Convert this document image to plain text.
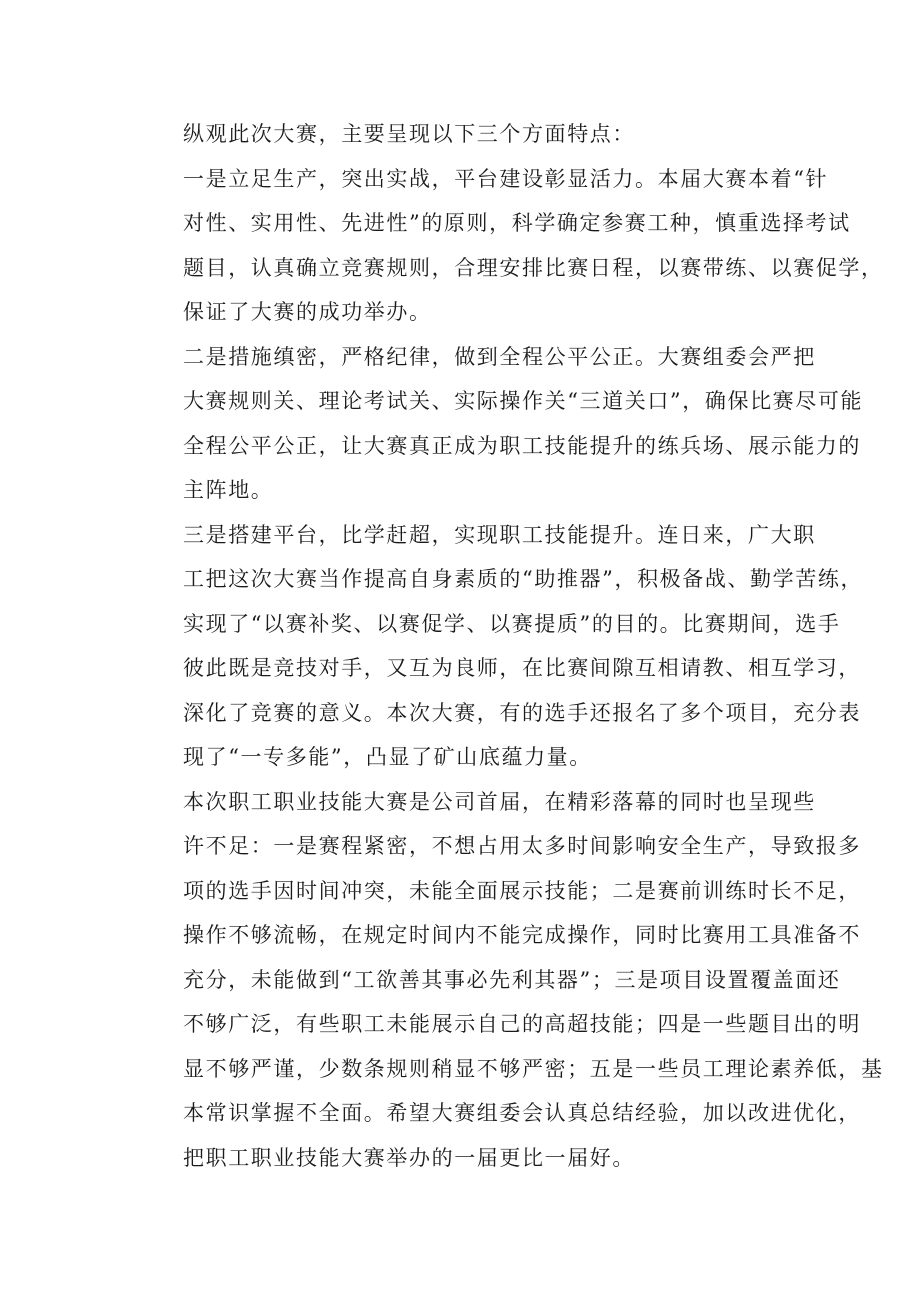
纵观此次大赛，主要呈现以下三个方面特点：

一是立足生产，突出实战，平台建设彰显活力。本届大赛本着“针
对性、实用性、先进性”的原则，科学确定参赛工种，慎重选择考试
题目，认真确立竞赛规则，合理安排比赛日程，以赛带练、以赛促学，
保证了大赛的成功举办。

二是措施缜密，严格纪律，做到全程公平公正。大赛组委会严把
大赛规则关、理论考试关、实际操作关“三道关口”，确保比赛尽可能
全程公平公正，让大赛真正成为职工技能提升的练兵场、展示能力的
主阵地。

三是搭建平台，比学赶超，实现职工技能提升。连日来，广大职
工把这次大赛当作提高自身素质的“助推器”，积极备战、勤学苦练，
实现了“以赛补奖、以赛促学、以赛提质”的目的。比赛期间，选手
彼此既是竞技对手，又互为良师，在比赛间隙互相请教、相互学习，
深化了竞赛的意义。本次大赛，有的选手还报名了多个项目，充分表
现了“一专多能”，凸显了矿山底蕴力量。

本次职工职业技能大赛是公司首届，在精彩落幕的同时也呈现些
许不足：一是赛程紧密，不想占用太多时间影响安全生产，导致报多
项的选手因时间冲突，未能全面展示技能；二是赛前训练时长不足，
操作不够流畅，在规定时间内不能完成操作，同时比赛用工具准备不
充分，未能做到“工欲善其事必先利其器”；三是项目设置覆盖面还
不够广泛，有些职工未能展示自己的高超技能；四是一些题目出的明
显不够严谨，少数条规则稍显不够严密；五是一些员工理论素养低，基
本常识掌握不全面。希望大赛组委会认真总结经验，加以改进优化，
把职工职业技能大赛举办的一届更比一届好。
